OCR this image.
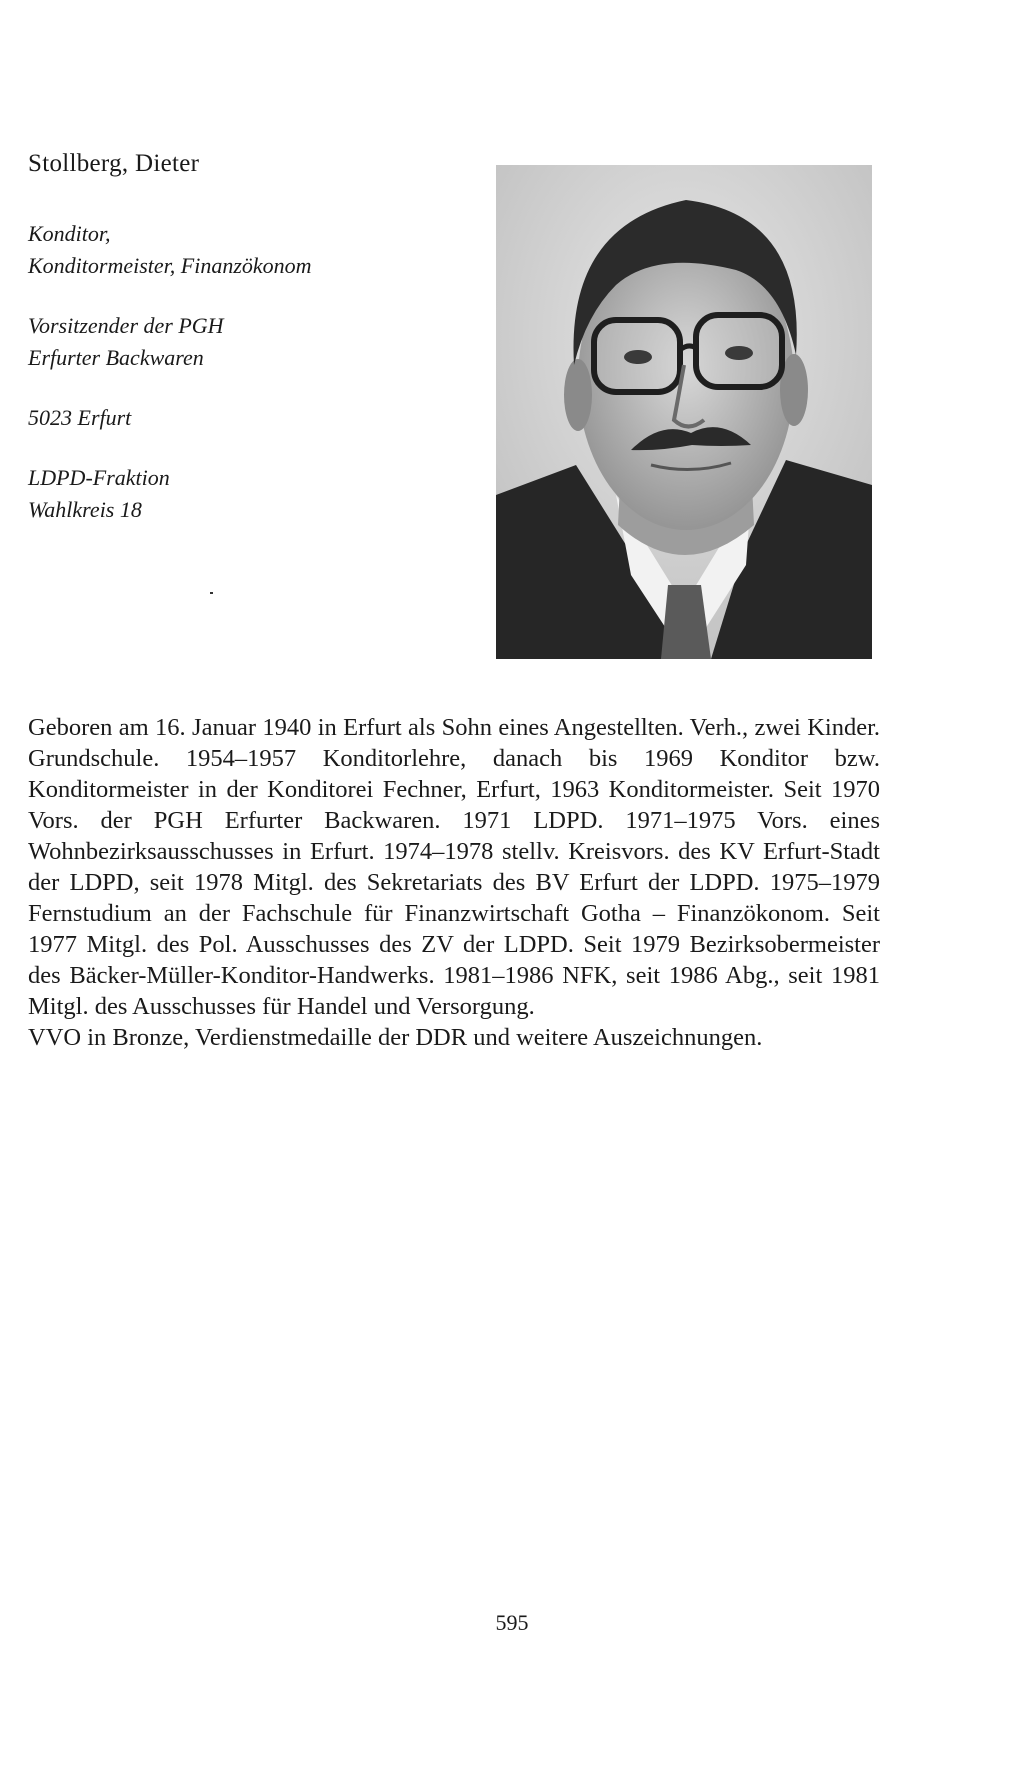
Stollberg, Dieter

Konditor,
Konditormeister, Finanzökonom

Vorsitzender der PGH
Erfurter Backwaren

5023 Erfurt

LDPD-Fraktion
Wahlkreis 18

Geboren am 16. Januar 1940 in Erfurt als Sohn eines Angestellten. Verh., zwei Kinder. Grundschule. 1954–1957 Konditorlehre, danach bis 1969 Konditor bzw. Konditormeister in der Konditorei Fechner, Erfurt, 1963 Konditormeister. Seit 1970 Vors. der PGH Erfurter Backwaren. 1971 LDPD. 1971–1975 Vors. eines Wohnbezirksausschusses in Erfurt. 1974–1978 stellv. Kreisvors. des KV Erfurt-Stadt der LDPD, seit 1978 Mitgl. des Sekretariats des BV Erfurt der LDPD. 1975–1979 Fernstudium an der Fachschule für Finanzwirtschaft Gotha – Finanzökonom. Seit 1977 Mitgl. des Pol. Ausschusses des ZV der LDPD. Seit 1979 Bezirksobermeister des Bäcker-Müller-Konditor-Handwerks. 1981–1986 NFK, seit 1986 Abg., seit 1981 Mitgl. des Ausschusses für Handel und Versorgung.

VVO in Bronze, Verdienstmedaille der DDR und weitere Auszeichnungen.

595
